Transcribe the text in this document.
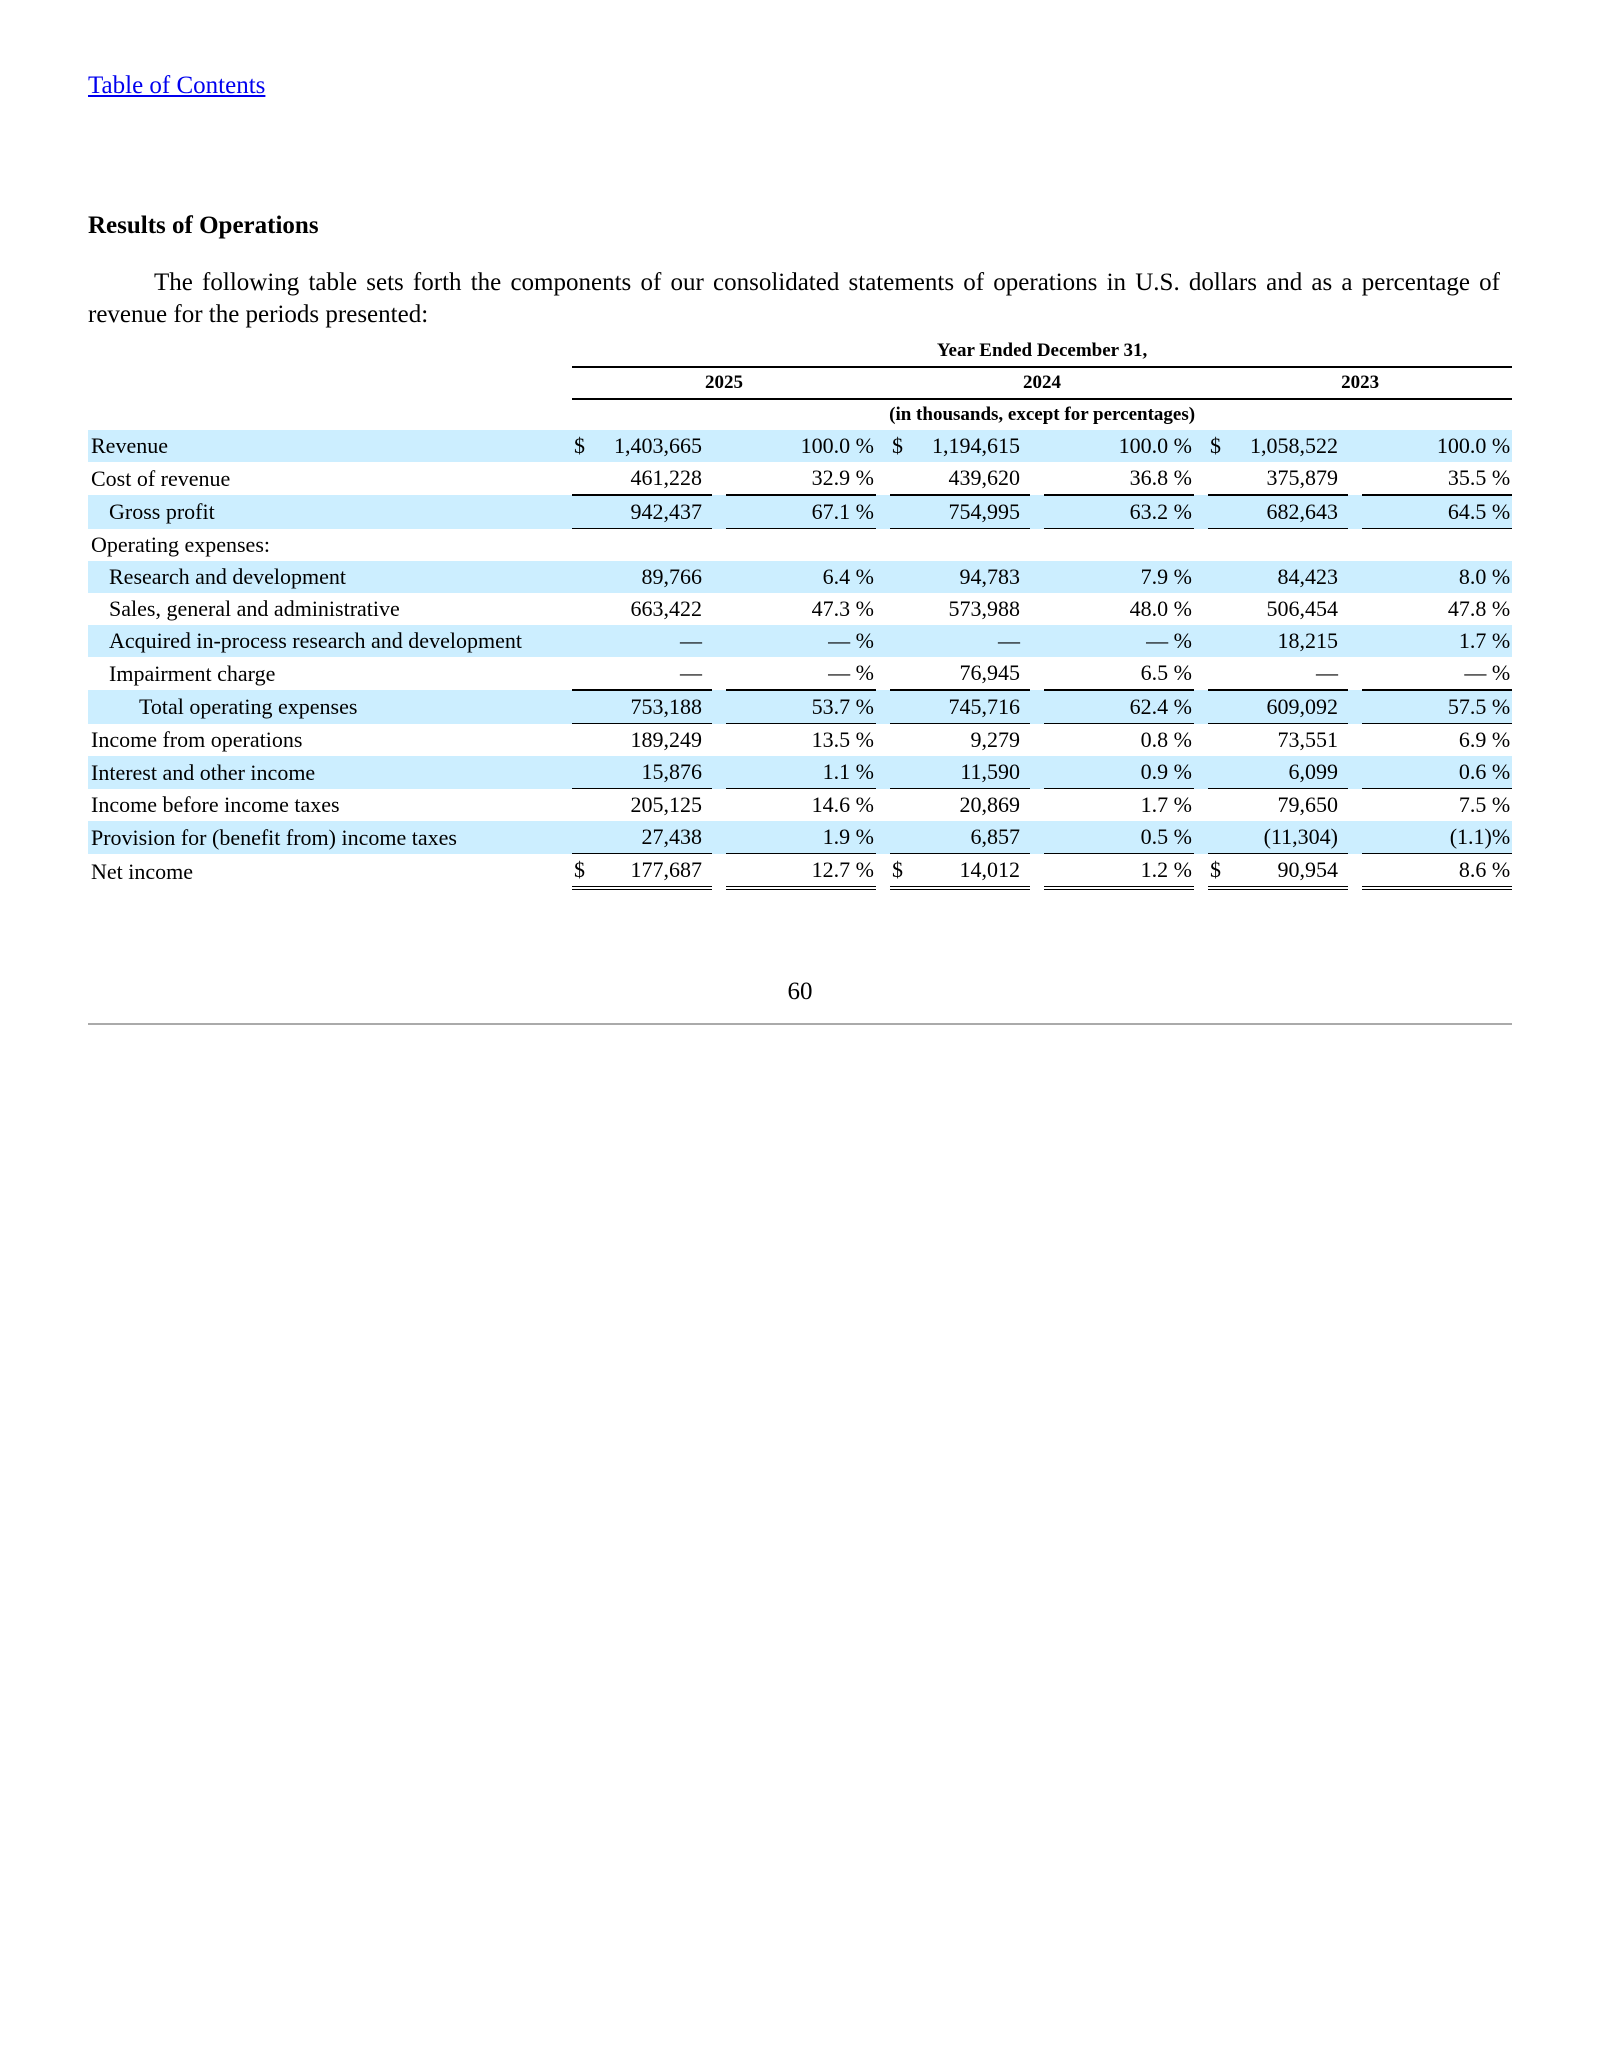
Table of Contents
Results of Operations

The following table sets forth the components of our consolidated statements of operations in U.S. dollars and as a percentage of revenue for the periods presented:

	Year Ended December 31,													
	2025					2024					2023			
	(in thousands, except for percentages)													
Revenue	$	1,403,665		100.0 %		$	1,194,615		100.0 %		$	1,058,522		100.0 %
Cost of revenue		461,228		32.9 %			439,620		36.8 %			375,879		35.5 %
Gross profit		942,437		67.1 %			754,995		63.2 %			682,643		64.5 %
Operating expenses:														
Research and development		89,766		6.4 %			94,783		7.9 %			84,423		8.0 %
Sales, general and administrative		663,422		47.3 %			573,988		48.0 %			506,454		47.8 %
Acquired in-process research and development		—		— %			—		— %			18,215		1.7 %
Impairment charge		—		— %			76,945		6.5 %			—		— %
Total operating expenses		753,188		53.7 %			745,716		62.4 %			609,092		57.5 %
Income from operations		189,249		13.5 %			9,279		0.8 %			73,551		6.9 %
Interest and other income		15,876		1.1 %			11,590		0.9 %			6,099		0.6 %
Income before income taxes		205,125		14.6 %			20,869		1.7 %			79,650		7.5 %
Provision for (benefit from) income taxes		27,438		1.9 %			6,857		0.5 %			(11,304)		(1.1)%
Net income	$	177,687		12.7 %		$	14,012		1.2 %		$	90,954		8.6 %
60
